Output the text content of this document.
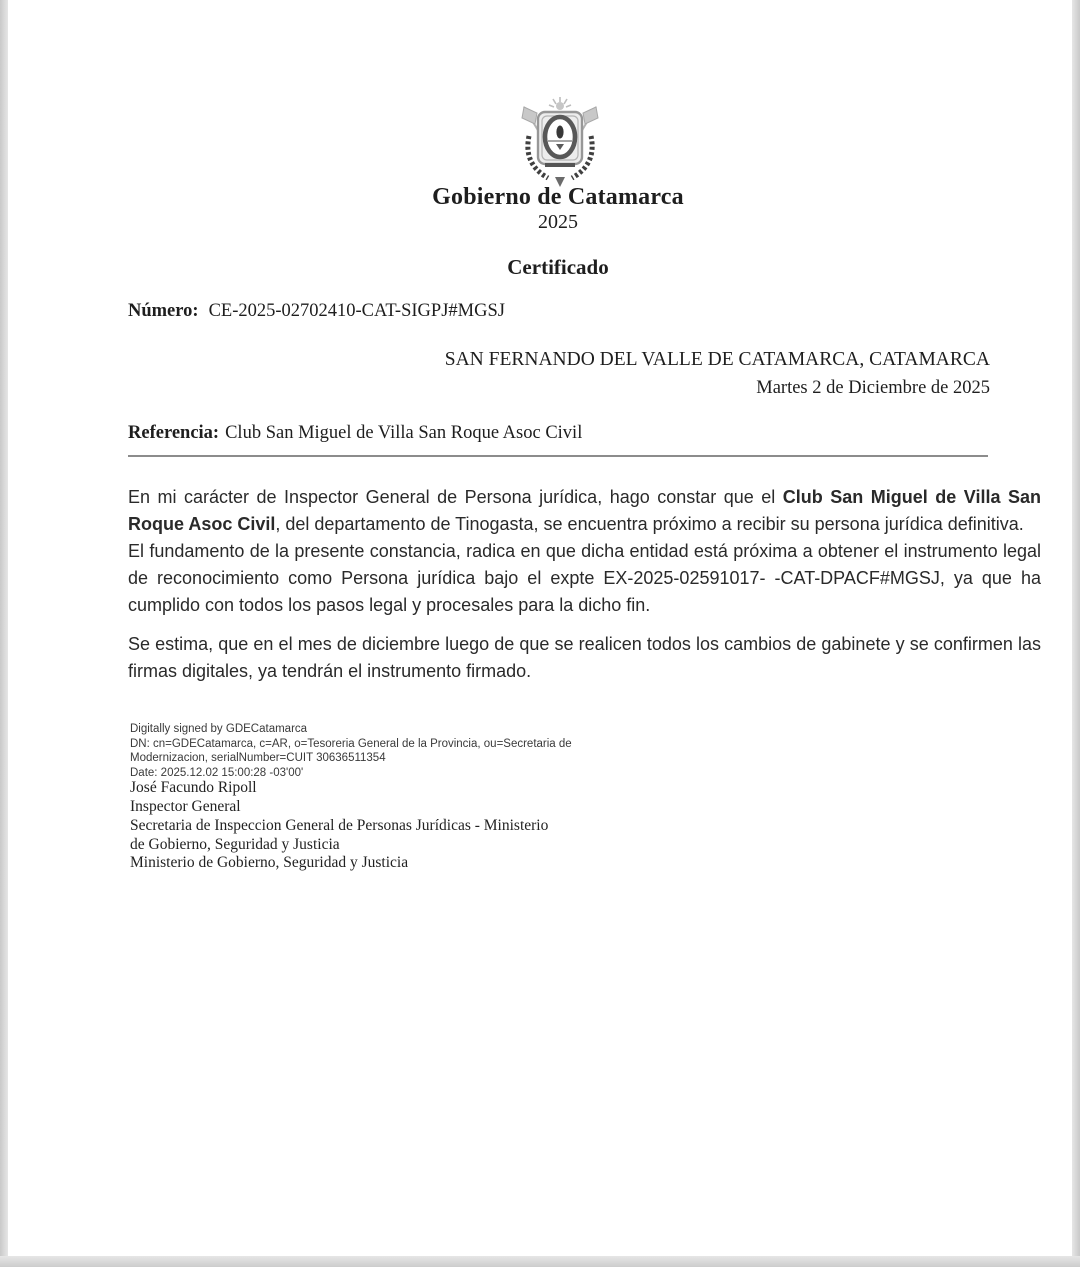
Gobierno de Catamarca
2025
Certificado
Número: CE-2025-02702410-CAT-SIGPJ#MGSJ
SAN FERNANDO DEL VALLE DE CATAMARCA, CATAMARCA
Martes 2 de Diciembre de 2025
Referencia: Club San Miguel de Villa San Roque Asoc Civil

En mi carácter de Inspector General de Persona jurídica, hago constar que el Club San Miguel de Villa San Roque Asoc Civil, del departamento de Tinogasta, se encuentra próximo a recibir su persona jurídica definitiva.

El fundamento de la presente constancia, radica en que dicha entidad está próxima a obtener el instrumento legal de reconocimiento como Persona jurídica bajo el expte EX-2025-02591017- -CAT-DPACF#MGSJ, ya que ha cumplido con todos los pasos legal y procesales para la dicho fin.

Se estima, que en el mes de diciembre luego de que se realicen todos los cambios de gabinete y se confirmen las firmas digitales, ya tendrán el instrumento firmado.

Digitally signed by GDECatamarca
DN: cn=GDECatamarca, c=AR, o=Tesoreria General de la Provincia, ou=Secretaria de
Modernizacion, serialNumber=CUIT 30636511354
Date: 2025.12.02 15:00:28 -03'00'
José Facundo Ripoll
Inspector General
Secretaria de Inspeccion General de Personas Jurídicas - Ministerio de Gobierno, Seguridad y Justicia
Ministerio de Gobierno, Seguridad y Justicia
